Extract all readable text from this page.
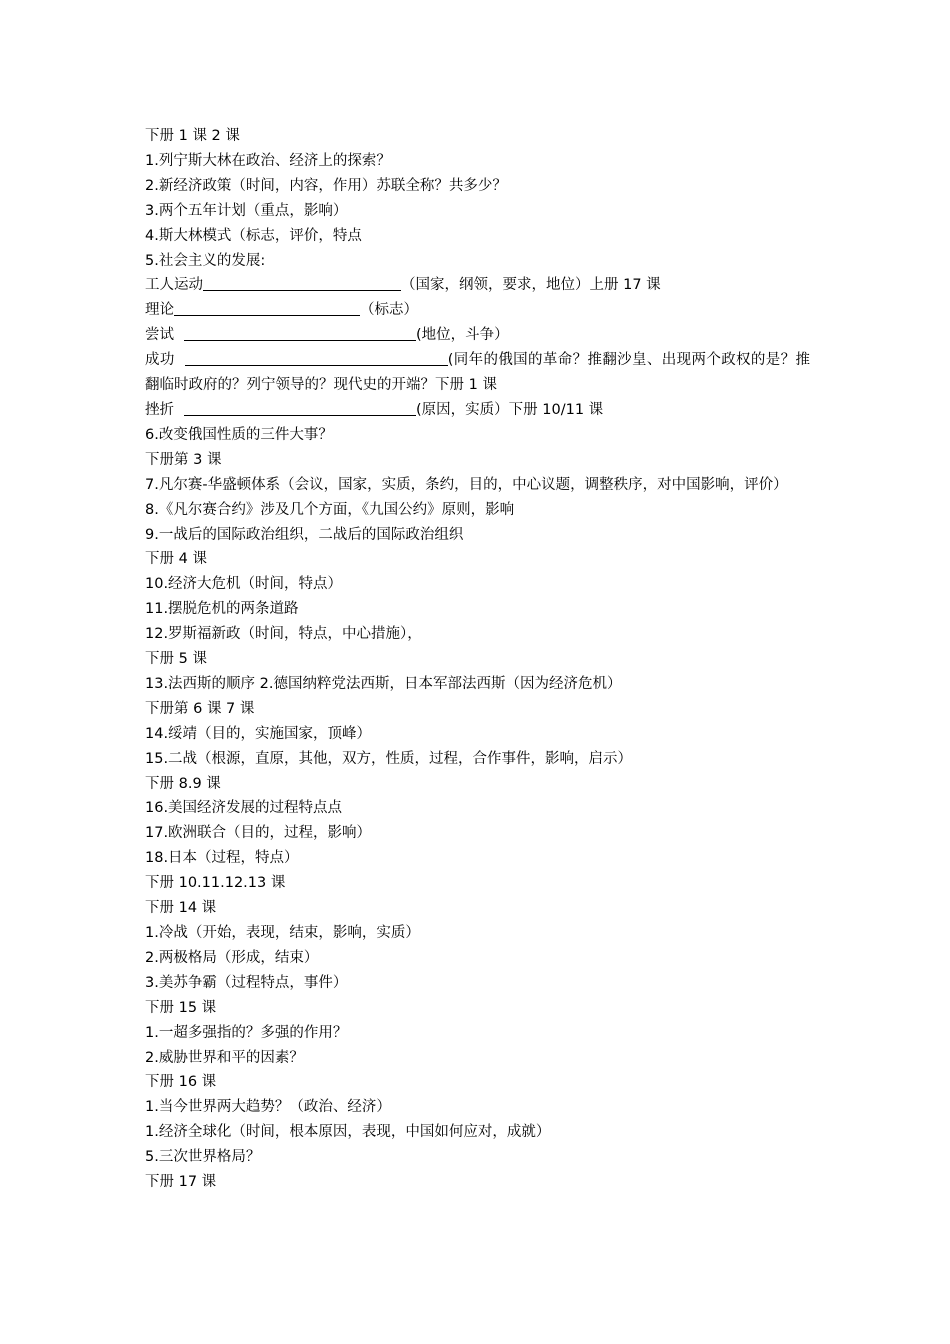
下册 1 课 2 课
1.列宁斯大林在政治、经济上的探索？
2.新经济政策（时间，内容，作用）苏联全称？共多少？
3.两个五年计划（重点，影响）
4.斯大林模式（标志，评价，特点
5.社会主义的发展:
工人运动	（国家，纲领，要求，地位）上册 17 课
理论	（标志）
尝试	(地位，斗争）
成功	(同年的俄国的革命？推翻沙皇、出现两个政权的是？推翻临时政府的？列宁领导的？现代史的开端？下册 1 课
挫折	(原因，实质）下册 10/11 课
6.改变俄国性质的三件大事？
下册第 3 课
7.凡尔赛-华盛顿体系（会议，国家，实质，条约，目的，中心议题，调整秩序，对中国影响，评价）
8.《凡尔赛合约》涉及几个方面，《九国公约》原则，影响
9.一战后的国际政治组织，二战后的国际政治组织
下册 4 课
10.经济大危机（时间，特点）
11.摆脱危机的两条道路
12.罗斯福新政（时间，特点，中心措施），
下册 5 课
13.法西斯的顺序 2.德国纳粹党法西斯，日本军部法西斯（因为经济危机）
下册第 6 课 7 课
14.绥靖（目的，实施国家，顶峰）
15.二战（根源，直原，其他，双方，性质，过程，合作事件，影响，启示）
下册 8.9 课
16.美国经济发展的过程特点点
17.欧洲联合（目的，过程，影响）
18.日本（过程，特点）
下册 10.11.12.13 课
下册 14 课
1.冷战（开始，表现，结束，影响，实质）
2.两极格局（形成，结束）
3.美苏争霸（过程特点，事件）
下册 15 课
1.一超多强指的？多强的作用？
2.威胁世界和平的因素？
下册 16 课
1.当今世界两大趋势？（政治、经济）
1.经济全球化（时间，根本原因，表现，中国如何应对，成就）
5.三次世界格局？
下册 17 课
